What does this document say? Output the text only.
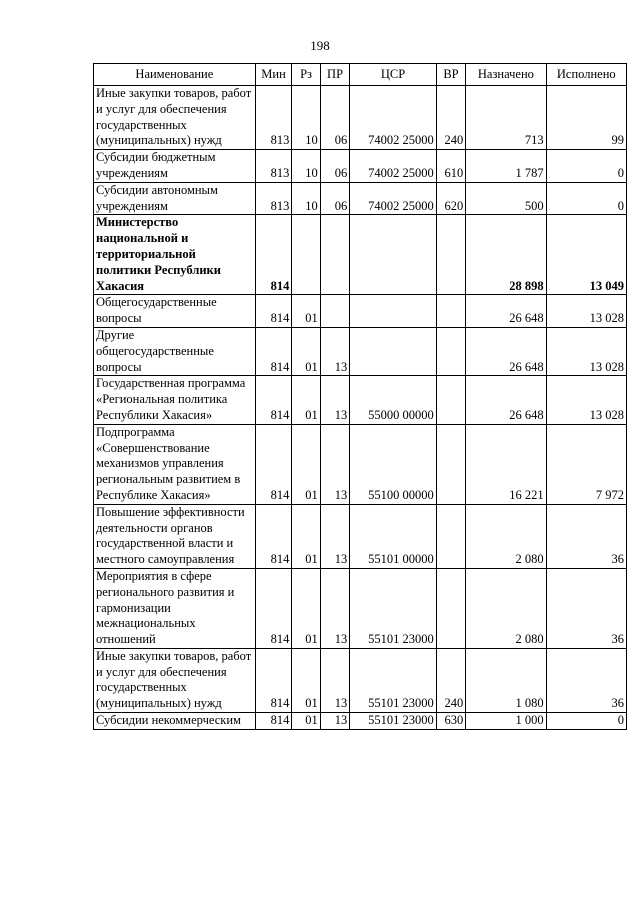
198
Наименование	Мин	Рз	ПР	ЦСР	ВР	Назначено	Исполнено
Иные закупки товаров, работ и услуг для обеспечения государственных (муниципальных) нужд	813	10	06	74002 25000	240	713	99
Субсидии бюджетным учреждениям	813	10	06	74002 25000	610	1 787	0
Субсидии автономным учреждениям	813	10	06	74002 25000	620	500	0
Министерство национальной и территориальной политики Республики Хакасия	814					28 898	13 049
Общегосударственные вопросы	814	01				26 648	13 028
Другие общегосударственные вопросы	814	01	13			26 648	13 028
Государственная программа «Региональная политика Республики Хакасия»	814	01	13	55000 00000		26 648	13 028
Подпрограмма «Совершенствование механизмов управления региональным развитием в Республике Хакасия»	814	01	13	55100 00000		16 221	7 972
Повышение эффективности деятельности органов государственной власти и местного самоуправления	814	01	13	55101 00000		2 080	36
Мероприятия в сфере регионального развития и гармонизации межнациональных отношений	814	01	13	55101 23000		2 080	36
Иные закупки товаров, работ и услуг для обеспечения государственных (муниципальных) нужд	814	01	13	55101 23000	240	1 080	36
Субсидии некоммерческим	814	01	13	55101 23000	630	1 000	0
